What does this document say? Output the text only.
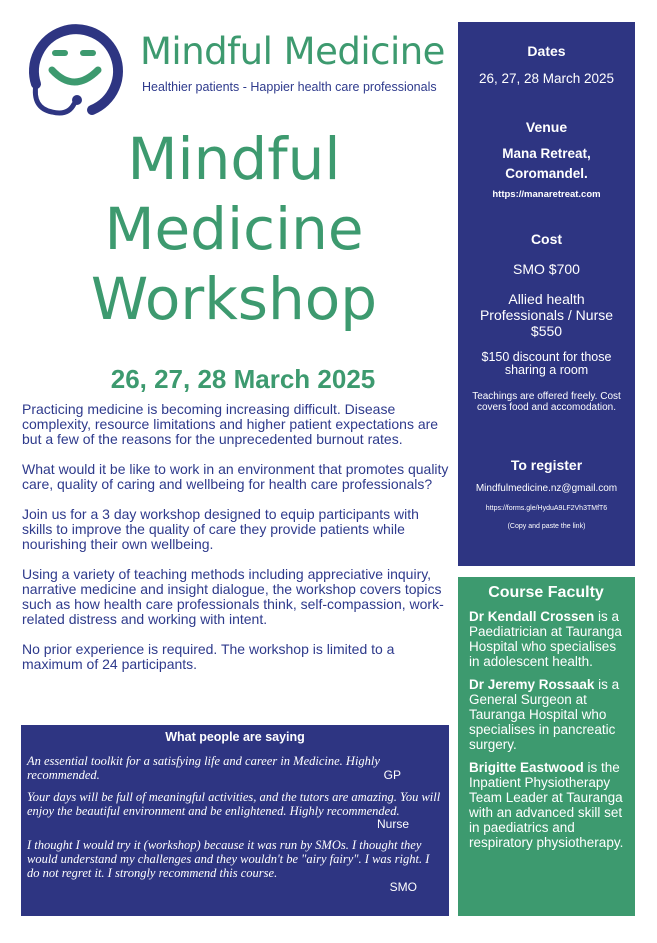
Mindful Medicine
Healthier patients - Happier health care professionals
Mindful
Medicine
Workshop
26, 27, 28 March 2025

Practicing medicine is becoming increasing difficult. Disease complexity, resource limitations and higher patient expectations are but a few of the reasons for the unprecedented burnout rates.

What would it be like to work in an environment that promotes quality care, quality of caring and wellbeing for health care professionals?

Join us for a 3 day workshop designed to equip participants with skills to improve the quality of care they provide patients while nourishing their own wellbeing.

Using a variety of teaching methods including appreciative inquiry, narrative medicine and insight dialogue, the workshop covers topics such as how health care professionals think, self-compassion, work-related distress and working with intent.

No prior experience is required. The workshop is limited to a maximum of 24 participants.

What people are saying
An essential toolkit for a satisfying life and career in Medicine. Highly recommended.	GP
Your days will be full of meaningful activities, and the tutors are amazing. You will enjoy the beautiful environment and be enlightened. Highly recommended.
Nurse
I thought I would try it (workshop) because it was run by SMOs. I thought they would understand my challenges and they wouldn't be "airy fairy". I was right. I do not regret it. I strongly recommend this course.
SMO
Dates
26, 27, 28 March 2025
Venue
Mana Retreat,
Coromandel.
https://manaretreat.com
Cost
SMO $700
Allied health Professionals / Nurse $550
$150 discount for those sharing a room
Teachings are offered freely. Cost covers food and accomodation.
To register
Mindfulmedicine.nz@gmail.com
https://forms.gle/HyduA9LF2Vh3TMfT6
(Copy and paste the link)
Course Faculty
Dr Kendall Crossen is a Paediatrician at Tauranga Hospital who specialises in adolescent health.
Dr Jeremy Rossaak is a General Surgeon at Tauranga Hospital who specialises in pancreatic surgery.
Brigitte Eastwood is the Inpatient Physiotherapy Team Leader at Tauranga with an advanced skill set in paediatrics and respiratory physiotherapy.
